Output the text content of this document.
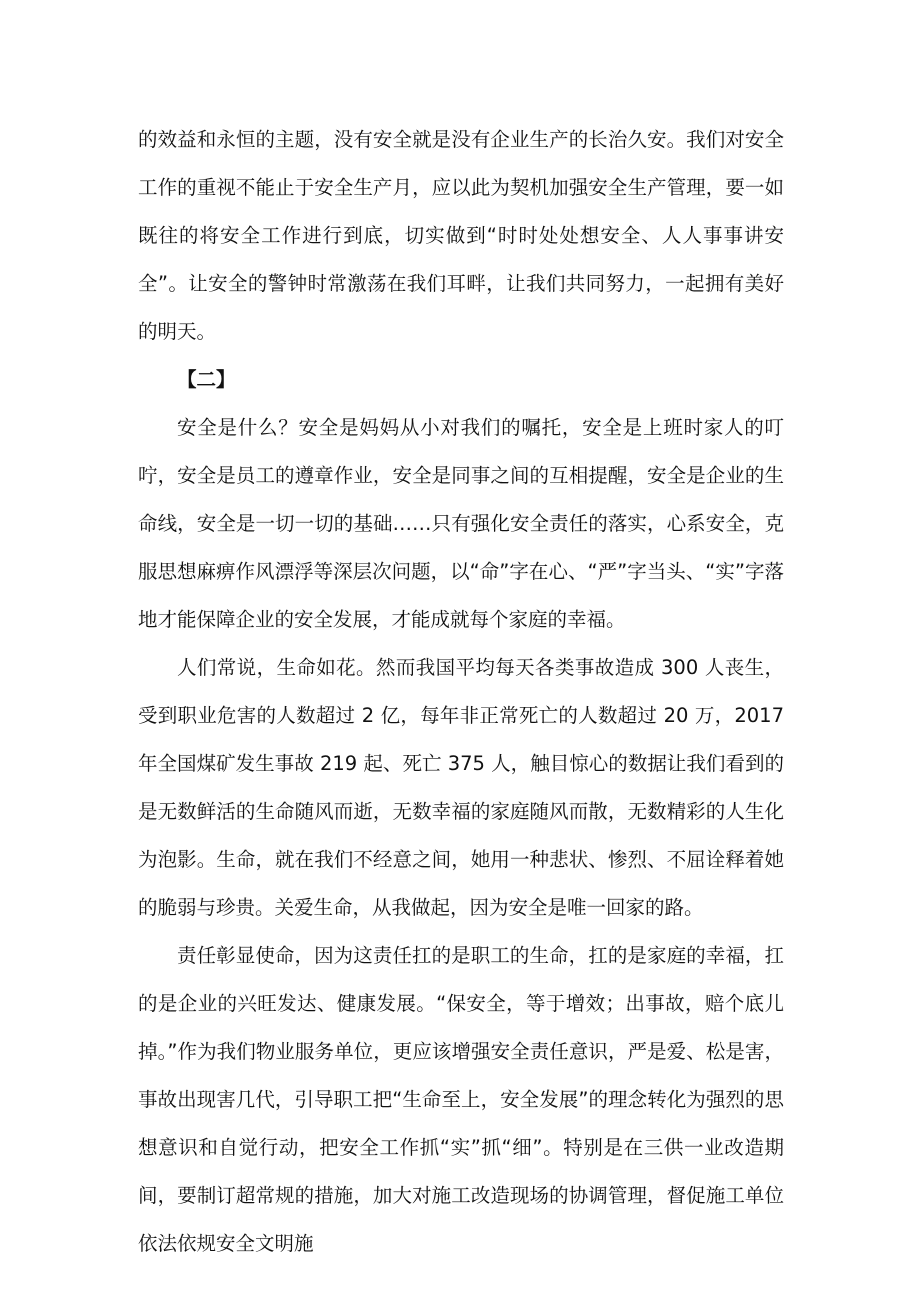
的效益和永恒的主题，没有安全就是没有企业生产的长治久安。我们对安全工作的重视不能止于安全生产月，应以此为契机加强安全生产管理，要一如既往的将安全工作进行到底，切实做到“时时处处想安全、人人事事讲安全”。让安全的警钟时常激荡在我们耳畔，让我们共同努力，一起拥有美好的明天。

【二】

安全是什么？安全是妈妈从小对我们的嘱托，安全是上班时家人的叮咛，安全是员工的遵章作业，安全是同事之间的互相提醒，安全是企业的生命线，安全是一切一切的基础……只有强化安全责任的落实，心系安全，克服思想麻痹作风漂浮等深层次问题，以“命”字在心、“严”字当头、“实”字落地才能保障企业的安全发展，才能成就每个家庭的幸福。

人们常说，生命如花。然而我国平均每天各类事故造成 300 人丧生，受到职业危害的人数超过 2 亿，每年非正常死亡的人数超过 20 万，2017 年全国煤矿发生事故 219 起、死亡 375 人，触目惊心的数据让我们看到的是无数鲜活的生命随风而逝，无数幸福的家庭随风而散，无数精彩的人生化为泡影。生命，就在我们不经意之间，她用一种悲状、惨烈、不屈诠释着她的脆弱与珍贵。关爱生命，从我做起，因为安全是唯一回家的路。

责任彰显使命，因为这责任扛的是职工的生命，扛的是家庭的幸福，扛的是企业的兴旺发达、健康发展。“保安全，等于增效；出事故，赔个底儿掉。”作为我们物业服务单位，更应该增强安全责任意识，严是爱、松是害，事故出现害几代，引导职工把“生命至上，安全发展”的理念转化为强烈的思想意识和自觉行动，把安全工作抓“实”抓“细”。特别是在三供一业改造期间，要制订超常规的措施，加大对施工改造现场的协调管理，督促施工单位依法依规安全文明施
